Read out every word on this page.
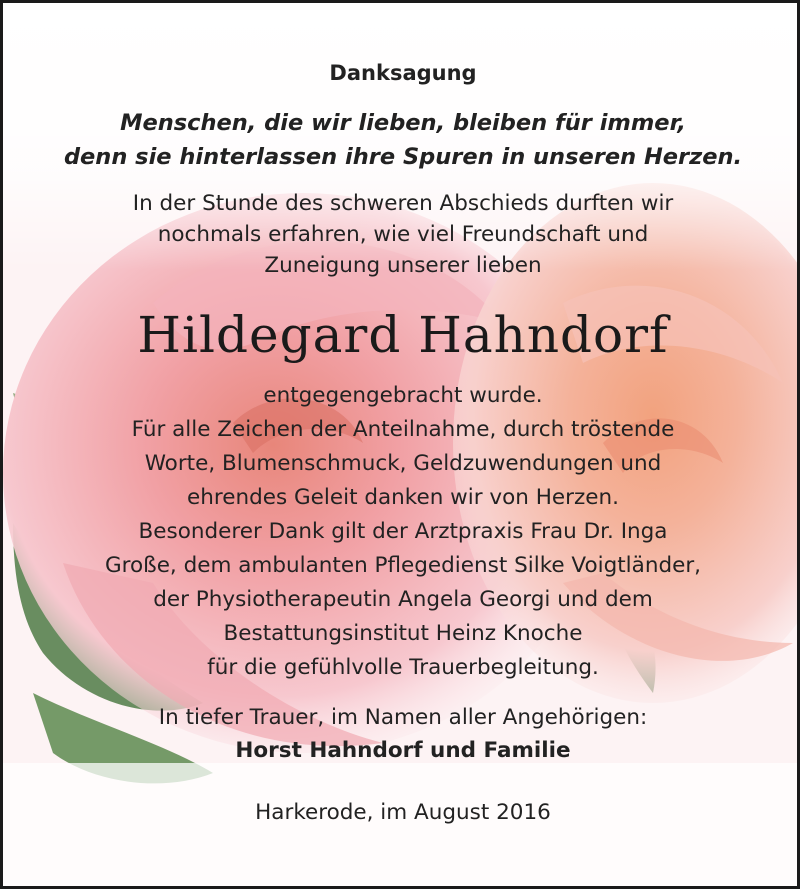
Danksagung
Menschen, die wir lieben, bleiben für immer,
denn sie hinterlassen ihre Spuren in unseren Herzen.
In der Stunde des schweren Abschieds durften wir
nochmals erfahren, wie viel Freundschaft und
Zuneigung unserer lieben
Hildegard Hahndorf
entgegengebracht wurde.
Für alle Zeichen der Anteilnahme, durch tröstende
Worte, Blumenschmuck, Geldzuwendungen und
ehrendes Geleit danken wir von Herzen.
Besonderer Dank gilt der Arztpraxis Frau Dr. Inga
Große, dem ambulanten Pflegedienst Silke Voigtländer,
der Physiotherapeutin Angela Georgi und dem
Bestattungsinstitut Heinz Knoche
für die gefühlvolle Trauerbegleitung.
In tiefer Trauer, im Namen aller Angehörigen:
Horst Hahndorf und Familie
Harkerode, im August 2016
